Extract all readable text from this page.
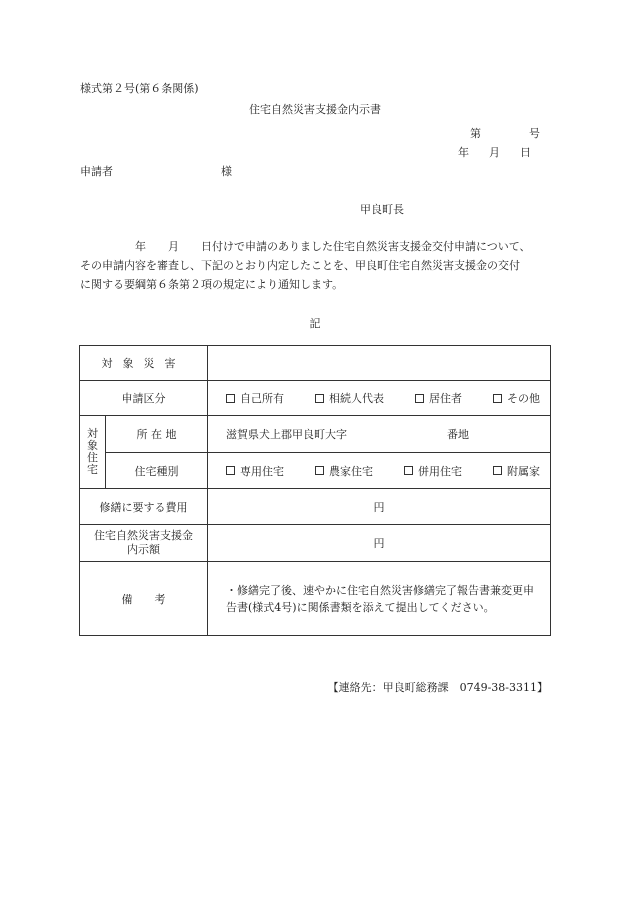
様式第２号(第６条関係)
住宅自然災害支援金内示書
第	号
年 月 日
申請者	様
甲良町長

　　　　　年　　月　　日付けで申請のありました住宅自然災害支援金交付申請について、

その申請内容を審査し、下記のとおり内定したことを、甲良町住宅自然災害支援金の交付

に関する要綱第６条第２項の規定により通知します。

記
対象災害		
申請区分		自己所有 相続人代表 居住者 その他

対
象
住
宅	所 在 地	滋賀県犬上郡甲良町大字 番地
	住宅種別	専用住宅 農家住宅 併用住宅 附属家

修繕に要する費用		円

住宅自然災害支援金
内示額		円
備　　考		・修繕完了後、速やかに住宅自然災害修繕完了報告書兼変更申告書(様式4号)に関係書類を添えて提出してください。
【連絡先：甲良町総務課　0749-38-3311】
